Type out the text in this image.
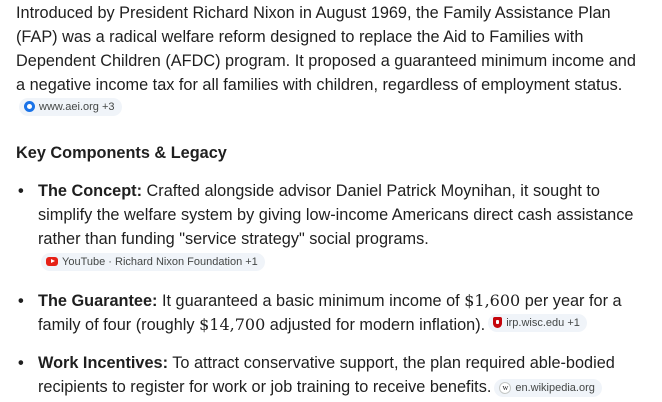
Introduced by President Richard Nixon in August 1969, the Family Assistance Plan (FAP) was a radical welfare reform designed to replace the Aid to Families with Dependent Children (AFDC) program. It proposed a guaranteed minimum income and a negative income tax for all families with children, regardless of employment status.
www.aei.org +3

Key Components & Legacy
• The Concept: Crafted alongside advisor Daniel Patrick Moynihan, it sought to simplify the welfare system by giving low-income Americans direct cash assistance rather than funding "service strategy" social programs.
YouTube · Richard Nixon Foundation +1
• The Guarantee: It guaranteed a basic minimum income of $1,600 per year for a family of four (roughly $14,700 adjusted for modern inflation). irp.wisc.edu +1
• Work Incentives: To attract conservative support, the plan required able-bodied recipients to register for work or job training to receive benefits.	w en.wikipedia.org
